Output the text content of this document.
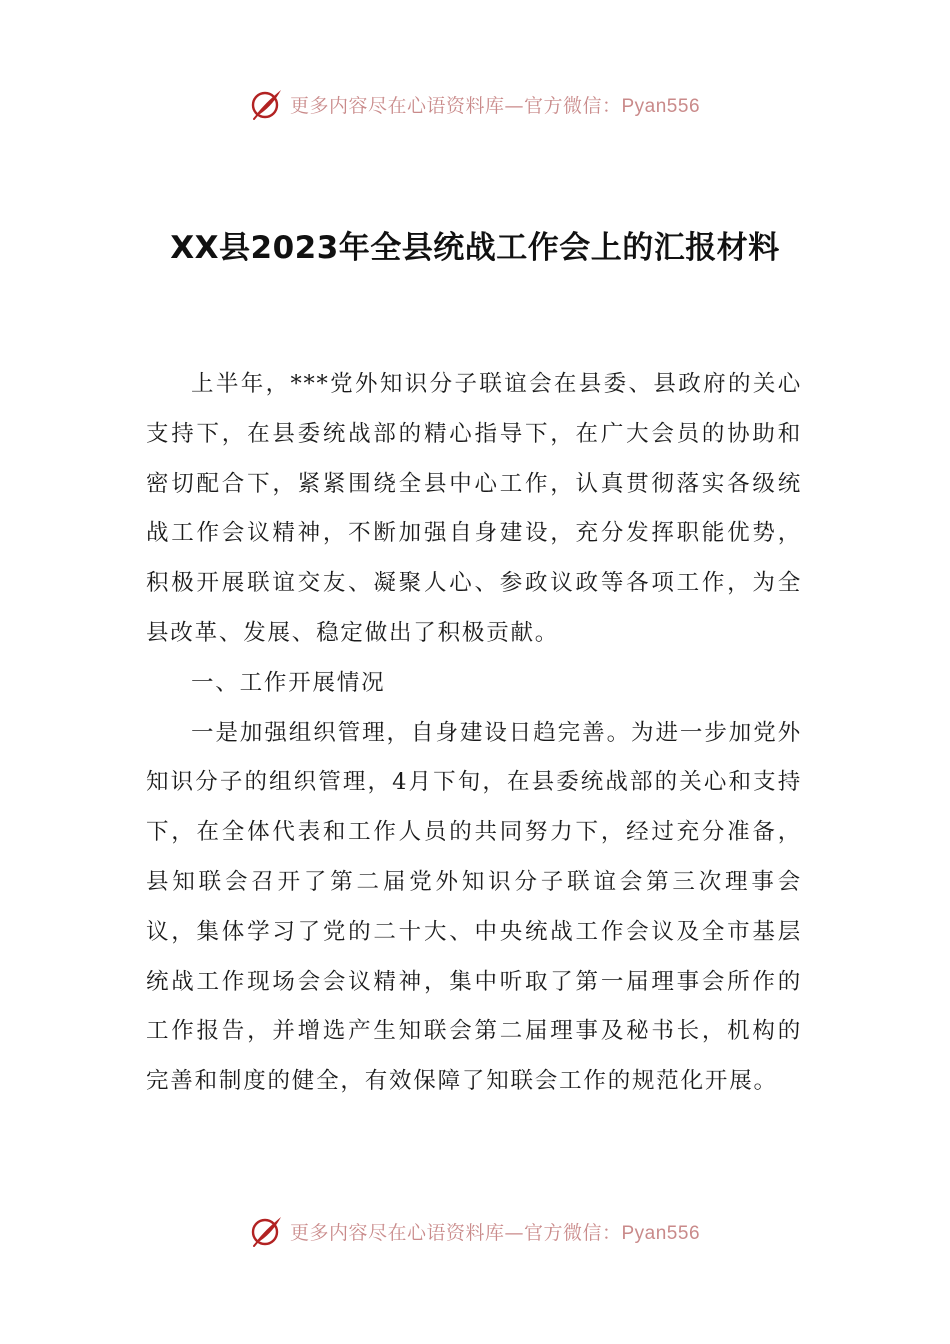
更多内容尽在心语资料库—官方微信：Pyan556
XX县2023年全县统战工作会上的汇报材料

上半年，***党外知识分子联谊会在县委、县政府的关心支持下，在县委统战部的精心指导下，在广大会员的协助和密切配合下，紧紧围绕全县中心工作，认真贯彻落实各级统战工作会议精神，不断加强自身建设，充分发挥职能优势，积极开展联谊交友、凝聚人心、参政议政等各项工作，为全县改革、发展、稳定做出了积极贡献。

一、工作开展情况

一是加强组织管理，自身建设日趋完善。为进一步加党外知识分子的组织管理，4月下旬，在县委统战部的关心和支持下，在全体代表和工作人员的共同努力下，经过充分准备，县知联会召开了第二届党外知识分子联谊会第三次理事会议，集体学习了党的二十大、中央统战工作会议及全市基层统战工作现场会会议精神，集中听取了第一届理事会所作的工作报告，并增选产生知联会第二届理事及秘书长，机构的完善和制度的健全，有效保障了知联会工作的规范化开展。

更多内容尽在心语资料库—官方微信：Pyan556
